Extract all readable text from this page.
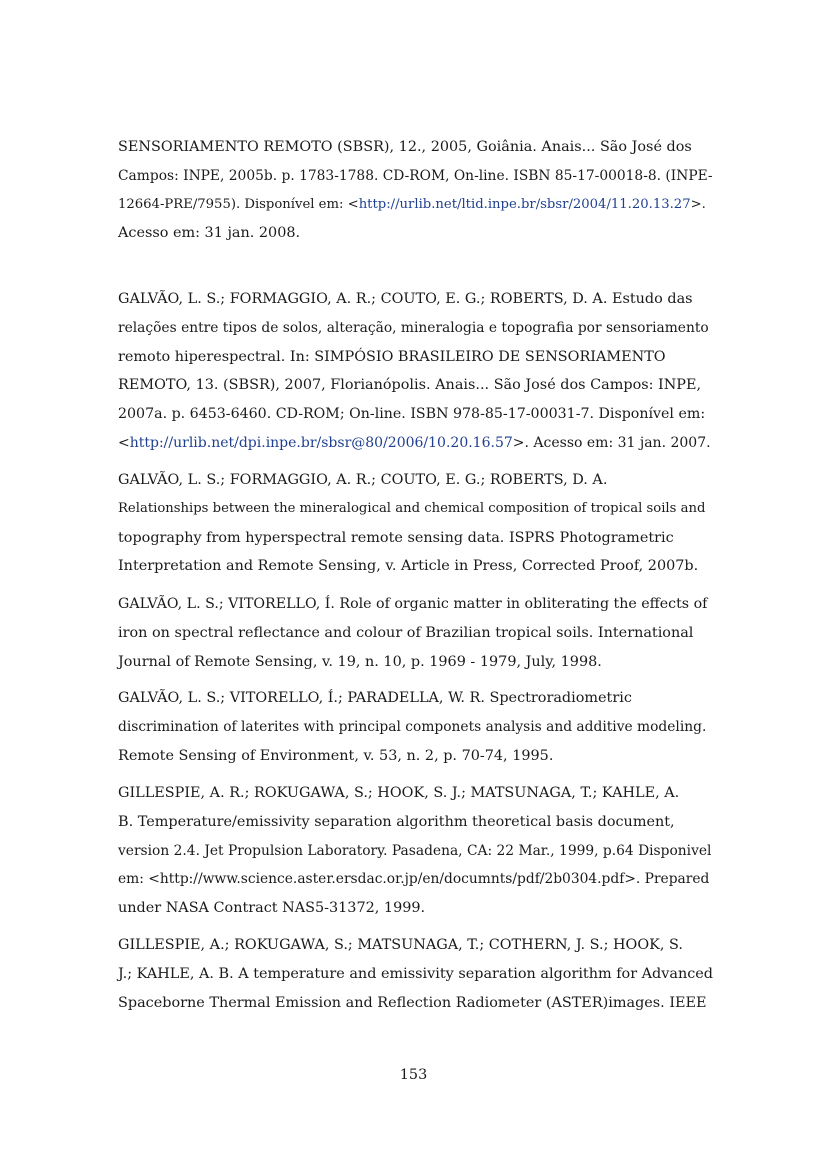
SENSORIAMENTO REMOTO (SBSR), 12., 2005, Goiânia. Anais... São José dos
Campos: INPE, 2005b. p. 1783-1788. CD-ROM, On-line. ISBN 85-17-00018-8. (INPE-
12664-PRE/7955). Disponível em: <http://urlib.net/ltid.inpe.br/sbsr/2004/11.20.13.27>.
Acesso em: 31 jan. 2008.
GALVÃO, L. S.; FORMAGGIO, A. R.; COUTO, E. G.; ROBERTS, D. A. Estudo das
relações entre tipos de solos, alteração, mineralogia e topografia por sensoriamento
remoto hiperespectral. In: SIMPÓSIO BRASILEIRO DE SENSORIAMENTO
REMOTO, 13. (SBSR), 2007, Florianópolis. Anais... São José dos Campos: INPE,
2007a. p. 6453-6460. CD-ROM; On-line. ISBN 978-85-17-00031-7. Disponível em:
<http://urlib.net/dpi.inpe.br/sbsr@80/2006/10.20.16.57>. Acesso em: 31 jan. 2007.
GALVÃO, L. S.; FORMAGGIO, A. R.; COUTO, E. G.; ROBERTS, D. A.
Relationships between the mineralogical and chemical composition of tropical soils and
topography from hyperspectral remote sensing data. ISPRS Photogrametric
Interpretation and Remote Sensing, v. Article in Press, Corrected Proof, 2007b.
GALVÃO, L. S.; VITORELLO, Í. Role of organic matter in obliterating the effects of
iron on spectral reflectance and colour of Brazilian tropical soils. International
Journal of Remote Sensing, v. 19, n. 10, p. 1969 - 1979, July, 1998.
GALVÃO, L. S.; VITORELLO, Í.; PARADELLA, W. R. Spectroradiometric
discrimination of laterites with principal componets analysis and additive modeling.
Remote Sensing of Environment, v. 53, n. 2, p. 70-74, 1995.
GILLESPIE, A. R.; ROKUGAWA, S.; HOOK, S. J.; MATSUNAGA, T.; KAHLE, A.
B. Temperature/emissivity separation algorithm theoretical basis document,
version 2.4. Jet Propulsion Laboratory. Pasadena, CA: 22 Mar., 1999, p.64 Disponivel
em: <http://www.science.aster.ersdac.or.jp/en/documnts/pdf/2b0304.pdf>. Prepared
under NASA Contract NAS5-31372, 1999.
GILLESPIE, A.; ROKUGAWA, S.; MATSUNAGA, T.; COTHERN, J. S.; HOOK, S.
J.; KAHLE, A. B. A temperature and emissivity separation algorithm for Advanced
Spaceborne Thermal Emission and Reflection Radiometer (ASTER)images. IEEE
153
